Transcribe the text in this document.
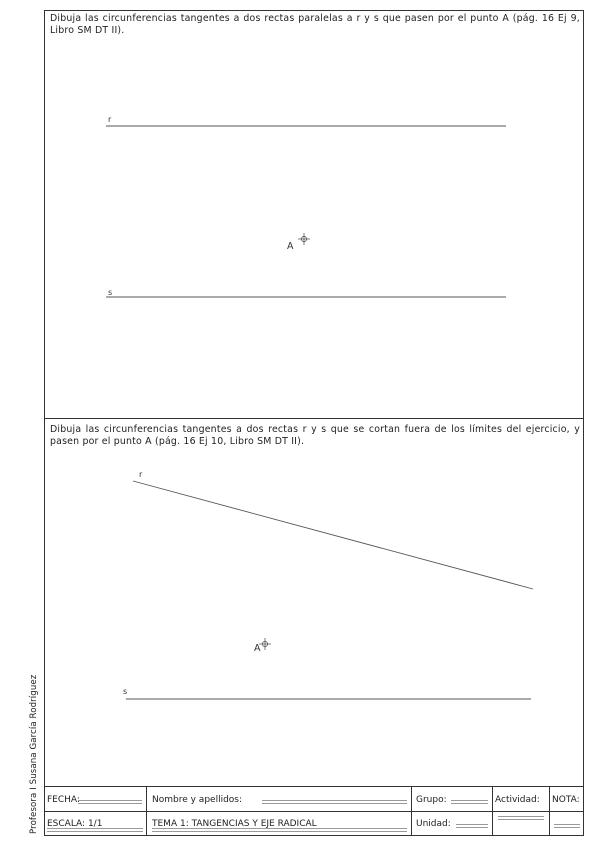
Dibuja las circunferencias tangentes a dos rectas paralelas a r y s que pasen por el punto A (pág. 16 Ej 9, Libro SM DT II).
r
s
A
Dibuja las circunferencias tangentes a dos rectas r y s que se cortan fuera de los límites del ejercicio, y pasen por el punto A (pág. 16 Ej 10, Libro SM DT II).
r
s
A
Profesora I Susana García Rodríguez FECHA:
ESCALA: 1/1
Nombre y apellidos:
TEMA 1: TANGENCIAS Y EJE RADICAL
Grupo:
Unidad:
Actividad: NOTA:
